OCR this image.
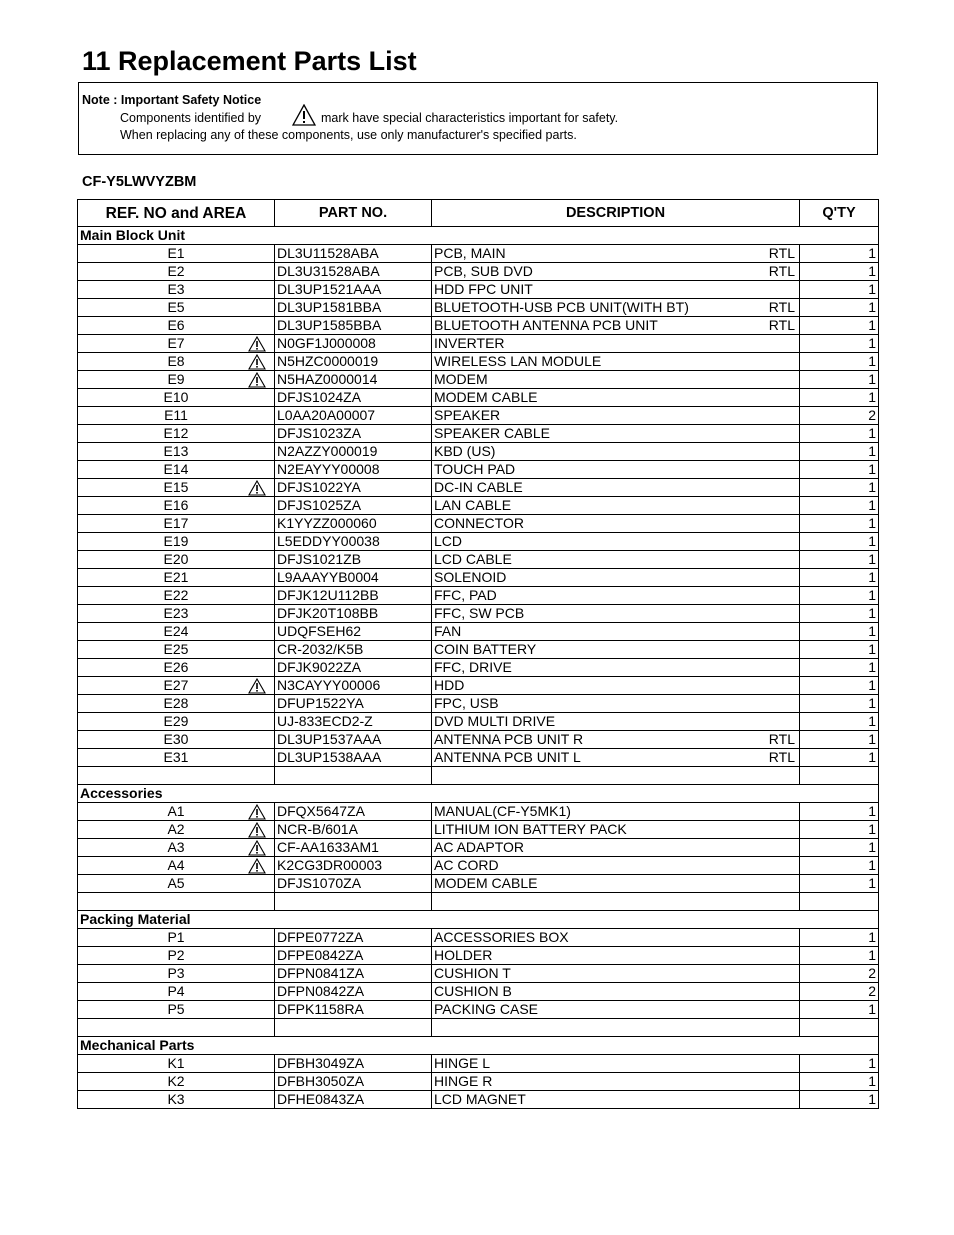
11 Replacement Parts List
Note : Important Safety Notice
Components identified by	mark have special characteristics important for safety.
When replacing any of these components, use only manufacturer's specified parts.
CF-Y5LWVYZBM
REF. NO and AREA	PART NO.	DESCRIPTION	Q'TY
Main Block Unit			
E1	DL3U11528ABA	PCB, MAIN RTL	1
E2	DL3U31528ABA	PCB, SUB DVD RTL	1
E3	DL3UP1521AAA	HDD FPC UNIT	1
E5	DL3UP1581BBA	BLUETOOTH-USB PCB UNIT(WITH BT) RTL	1
E6	DL3UP1585BBA	BLUETOOTH ANTENNA PCB UNIT RTL	1
E7	N0GF1J000008	INVERTER	1
E8	N5HZC0000019	WIRELESS LAN MODULE	1
E9	N5HAZ0000014	MODEM	1
E10	DFJS1024ZA	MODEM CABLE	1
E11	L0AA20A00007	SPEAKER	2
E12	DFJS1023ZA	SPEAKER CABLE	1
E13	N2AZZY000019	KBD (US)	1
E14	N2EAYYY00008	TOUCH PAD	1
E15	DFJS1022YA	DC-IN CABLE	1
E16	DFJS1025ZA	LAN CABLE	1
E17	K1YYZZ000060	CONNECTOR	1
E19	L5EDDYY00038	LCD	1
E20	DFJS1021ZB	LCD CABLE	1
E21	L9AAAYYB0004	SOLENOID	1
E22	DFJK12U112BB	FFC, PAD	1
E23	DFJK20T108BB	FFC, SW PCB	1
E24	UDQFSEH62	FAN	1
E25	CR-2032/K5B	COIN BATTERY	1
E26	DFJK9022ZA	FFC, DRIVE	1
E27	N3CAYYY00006	HDD	1
E28	DFUP1522YA	FPC, USB	1
E29	UJ-833ECD2-Z	DVD MULTI DRIVE	1
E30	DL3UP1537AAA	ANTENNA PCB UNIT R RTL	1
E31	DL3UP1538AAA	ANTENNA PCB UNIT L RTL	1

Accessories			
A1	DFQX5647ZA	MANUAL(CF-Y5MK1)	1
A2	NCR-B/601A	LITHIUM ION BATTERY PACK	1
A3	CF-AA1633AM1	AC ADAPTOR	1
A4	K2CG3DR00003	AC CORD	1
A5	DFJS1070ZA	MODEM CABLE	1

Packing Material			
P1	DFPE0772ZA	ACCESSORIES BOX	1
P2	DFPE0842ZA	HOLDER	1
P3	DFPN0841ZA	CUSHION T	2
P4	DFPN0842ZA	CUSHION B	2
P5	DFPK1158RA	PACKING CASE	1

Mechanical Parts			
K1	DFBH3049ZA	HINGE L	1
K2	DFBH3050ZA	HINGE R	1
K3	DFHE0843ZA	LCD MAGNET	1
